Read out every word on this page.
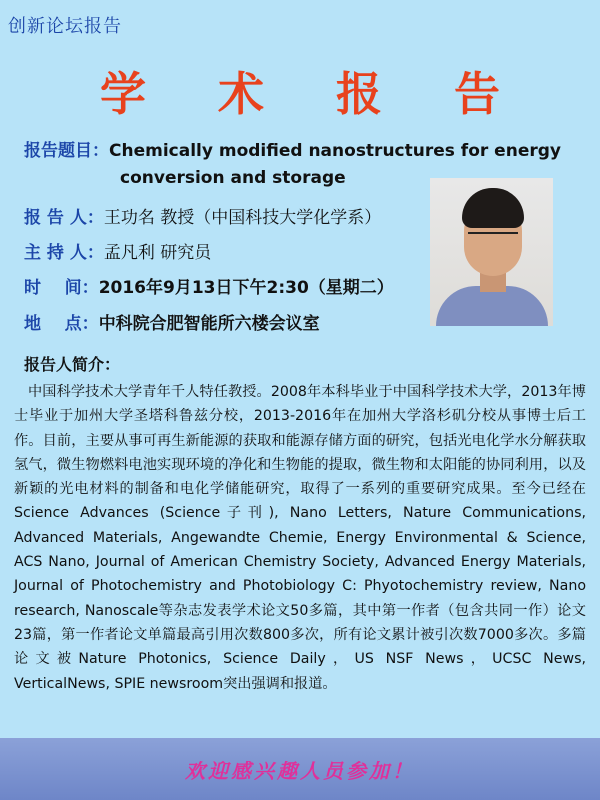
创新论坛报告
学 术 报 告
报告题目：Chemically modified nanostructures for energy
conversion and storage
报 告 人：王功名 教授（中国科技大学化学系）
主 持 人：孟凡利 研究员
时    间：2016年9月13日下午2:30（星期二）
地    点：中科院合肥智能所六楼会议室
报告人简介：
中国科学技术大学青年千人特任教授。2008年本科毕业于中国科学技术大学，2013年博士毕业于加州大学圣塔科鲁兹分校，2013-2016年在加州大学洛杉矶分校从事博士后工作。目前，主要从事可再生新能源的获取和能源存储方面的研究，包括光电化学水分解获取氢气，微生物燃料电池实现环境的净化和生物能的提取，微生物和太阳能的协同利用，以及新颖的光电材料的制备和电化学储能研究，取得了一系列的重要研究成果。至今已经在Science Advances (Science子刊), Nano Letters, Nature Communications, Advanced Materials, Angewandte Chemie, Energy Environmental & Science, ACS Nano, Journal of American Chemistry Society, Advanced Energy Materials, Journal of Photochemistry and Photobiology C: Phyotochemistry review, Nano research, Nanoscale等杂志发表学术论文50多篇，其中第一作者（包含共同一作）论文23篇，第一作者论文单篇最高引用次数800多次，所有论文累计被引次数7000多次。多篇论文被Nature Photonics, Science Daily，US NSF News，UCSC News, VerticalNews, SPIE newsroom突出强调和报道。
欢迎感兴趣人员参加！
